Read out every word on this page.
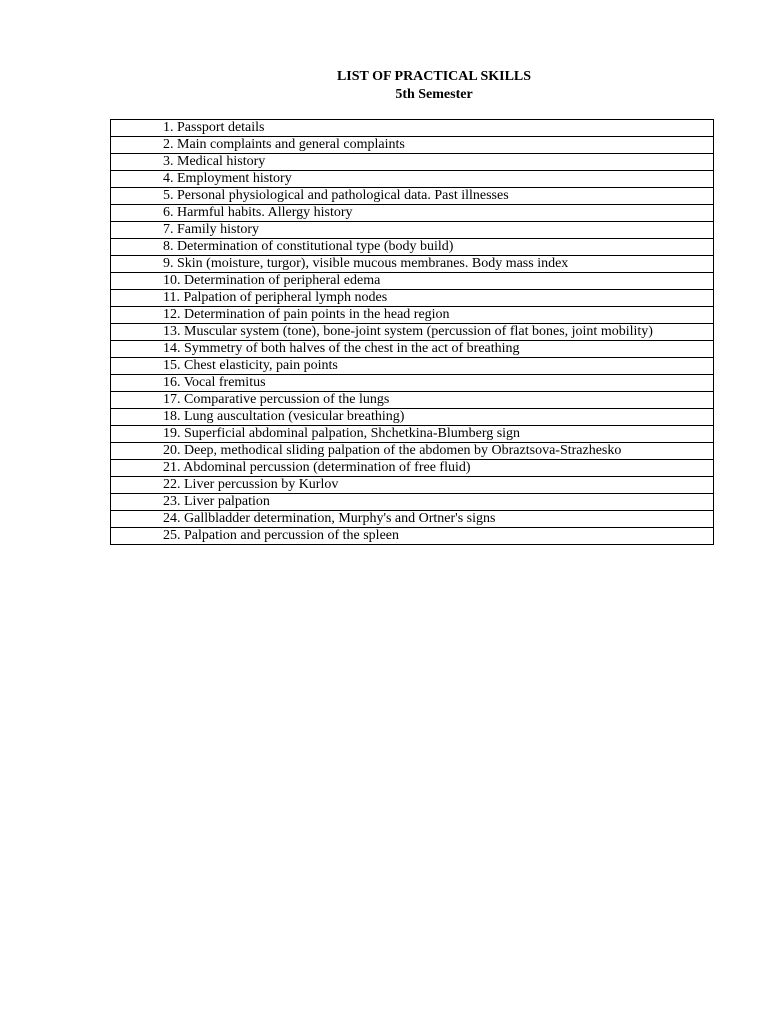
LIST OF PRACTICAL SKILLS
5th Semester
1. Passport details
2. Main complaints and general complaints
3. Medical history
4. Employment history
5. Personal physiological and pathological data. Past illnesses
6. Harmful habits. Allergy history
7. Family history
8. Determination of constitutional type (body build)
9. Skin (moisture, turgor), visible mucous membranes. Body mass index
10. Determination of peripheral edema
11. Palpation of peripheral lymph nodes
12. Determination of pain points in the head region
13. Muscular system (tone), bone-joint system (percussion of flat bones, joint mobility)
14. Symmetry of both halves of the chest in the act of breathing
15. Chest elasticity, pain points
16. Vocal fremitus
17. Comparative percussion of the lungs
18. Lung auscultation (vesicular breathing)
19. Superficial abdominal palpation, Shchetkina-Blumberg sign
20. Deep, methodical sliding palpation of the abdomen by Obraztsova-Strazhesko
21. Abdominal percussion (determination of free fluid)
22. Liver percussion by Kurlov
23. Liver palpation
24. Gallbladder determination, Murphy's and Ortner's signs
25. Palpation and percussion of the spleen
